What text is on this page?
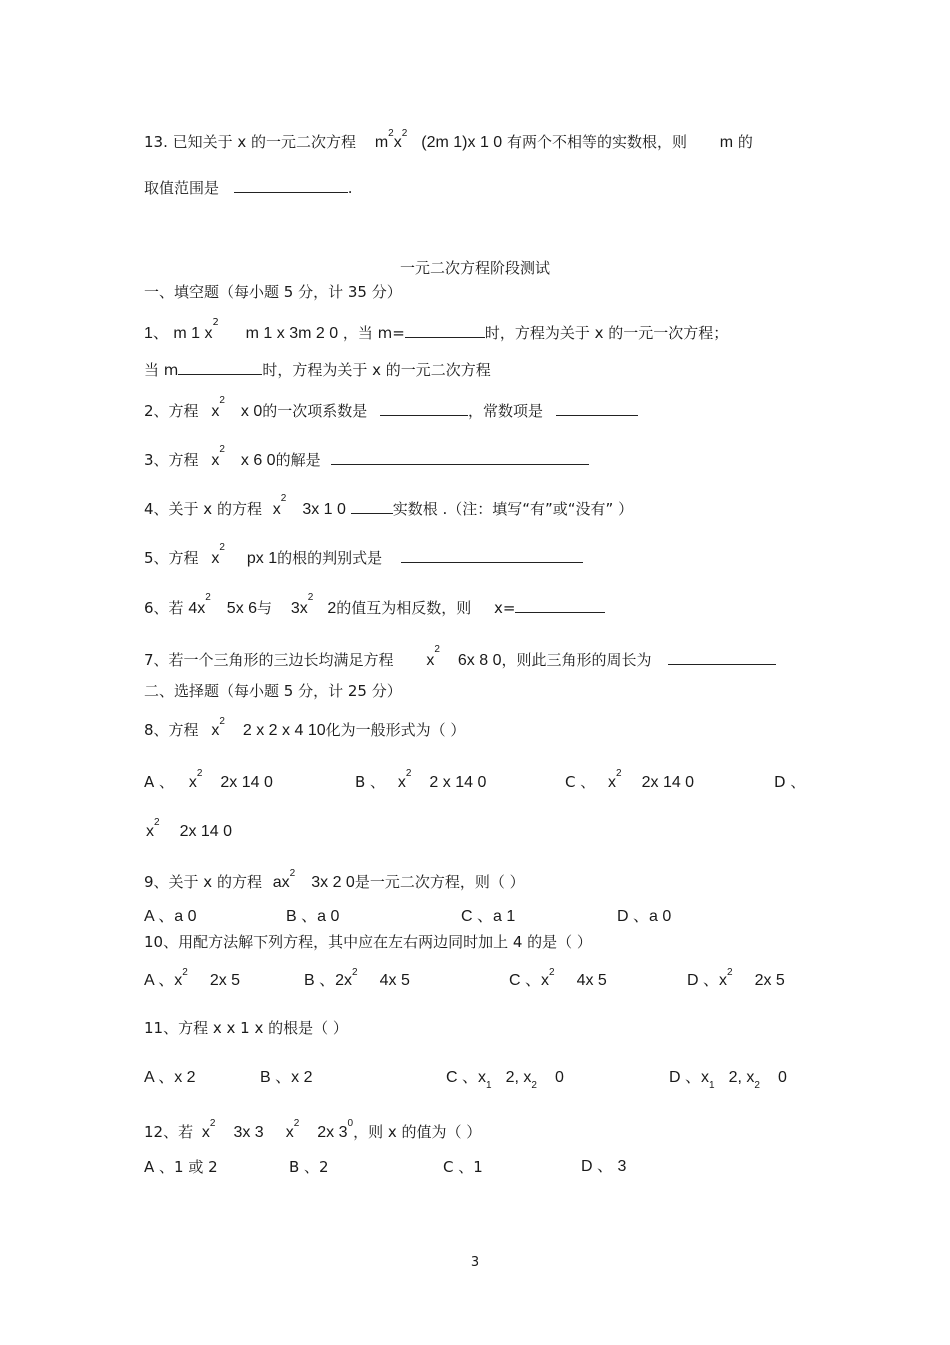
13. 已知关于 x 的一元二次方程 $m^2x^2(2m$ 1)x 1 0 有两个不相等的实数根，则 m 的
取值范围是	.
一元二次方程阶段测试
一、填空题（每小题 5 分，计 35 分）
1、 m 1 $x^2$ m 1 x 3m 2 0 ，当 m=	时，方程为关于 x 的一元一次方程；
当 m	时，方程为关于 x 的一元二次方程
2、方程 $x^2x$ 0的一次项系数是	，常数项是
3、方程 $x^2x$ 6 0的解是
4、关于 x 的方程 $x^23x$ 1 0	实数根 .（注：填写“有”或“没有” ）
5、方程 $x^2px$ 1的根的判别式是
6、若 $4x^25x$ 6与 $3x^22$的值互为相反数，则 x=
7、若一个三角形的三边长均满足方程 $x^26x$ 8 0，则此三角形的周长为
二、选择题（每小题 5 分，计 25 分）
8、方程 $x^22$ x 2 x 4 10化为一般形式为（ ）
A 、 $x^22x$ 14 0	B 、 $x^22$ x 14 0	C 、 $x^22x$ 14 0	D 、
$x^22x$ 14 0
9、关于 x 的方程 $ax^23x$ 2 0是一元二次方程，则（ ）
A 、a 0	B 、a 0	C 、a 1	D 、a 0
10、用配方法解下列方程，其中应在左右两边同时加上 4 的是（ ）
A 、$x^2$ 2x 5	B 、$2x^2$ 4x 5	C 、$x^2$ 4x 5	D 、$x^2$ 2x 5
11、方程 x x 1 x 的根是（ ）
A 、x 2	B 、x 2	C 、$x_1$ 2, $x_2$ 0	D 、$x_1$ 2, $x_2$ 0
12、若 $x^23x$ 3 $x^22x$ $3^0$，则 x 的值为（ ）
A 、1 或 2	B 、2	C 、1	D 、 3
3
